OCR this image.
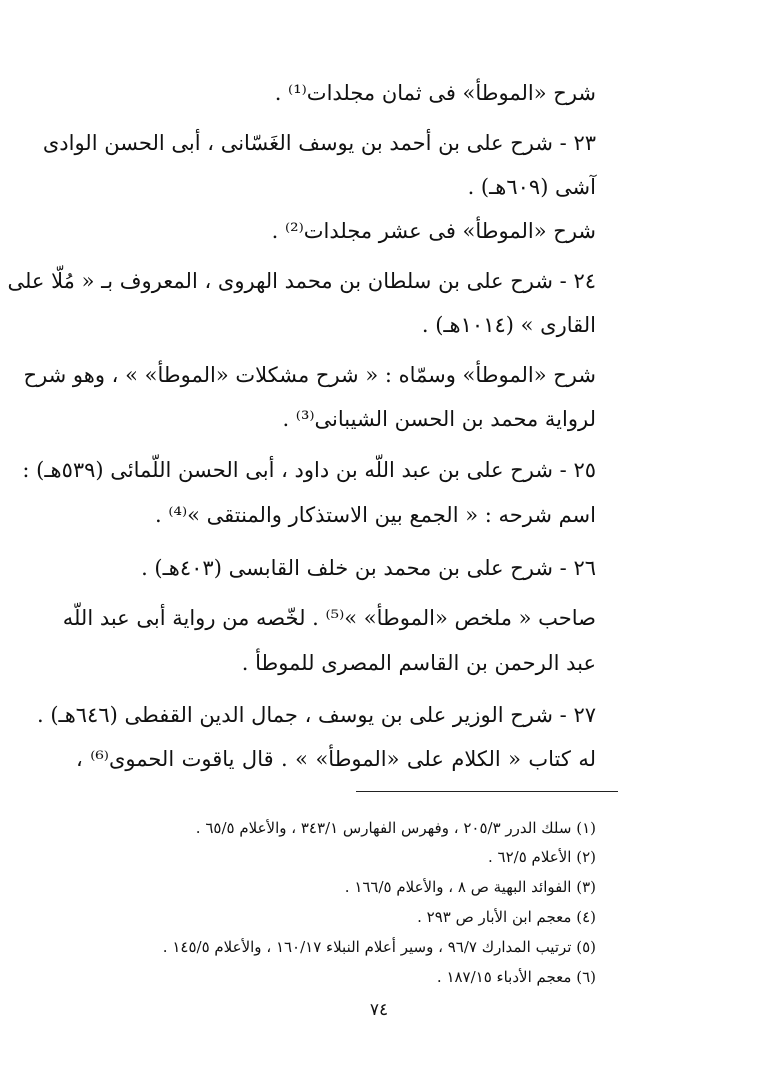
شرح «الموطأ» فى ثمان مجلدات⁽¹⁾ .
٢٣ - شرح على بن أحمد بن يوسف الغَسّانى ، أبى الحسن الوادى
آشى (٦٠٩هـ) .
شرح «الموطأ» فى عشر مجلدات⁽²⁾ .
٢٤ - شرح على بن سلطان بن محمد الهروى ، المعروف بـ « مُلّا على
القارى » (١٠١٤هـ) .
شرح «الموطأ» وسمّاه : « شرح مشكلات «الموطأ» » ، وهو شرح
لرواية محمد بن الحسن الشيبانى⁽³⁾ .
٢٥ - شرح على بن عبد اللّه بن داود ، أبى الحسن اللّمائى (٥٣٩هـ) :
اسم شرحه : « الجمع بين الاستذكار والمنتقى »⁽⁴⁾ .
٢٦ - شرح على بن محمد بن خلف القابسى (٤٠٣هـ) .
صاحب « ملخص «الموطأ» »⁽⁵⁾ . لخّصه من رواية أبى عبد اللّه
عبد الرحمن بن القاسم المصرى للموطأ .
٢٧ - شرح الوزير على بن يوسف ، جمال الدين القفطى (٦٤٦هـ) .
له كتاب « الكلام على «الموطأ» » . قال ياقوت الحموى⁽⁶⁾ ،
(١) سلك الدرر ٢٠٥/٣ ، وفهرس الفهارس ٣٤٣/١ ، والأعلام ٦٥/٥ .
(٢) الأعلام ٦٢/٥ .
(٣) الفوائد البهية ص ٨ ، والأعلام ١٦٦/٥ .
(٤) معجم ابن الأبار ص ٢٩٣ .
(٥) ترتيب المدارك ٩٦/٧ ، وسير أعلام النبلاء ١٦٠/١٧ ، والأعلام ١٤٥/٥ .
(٦) معجم الأدباء ١٨٧/١٥ .
٧٤
